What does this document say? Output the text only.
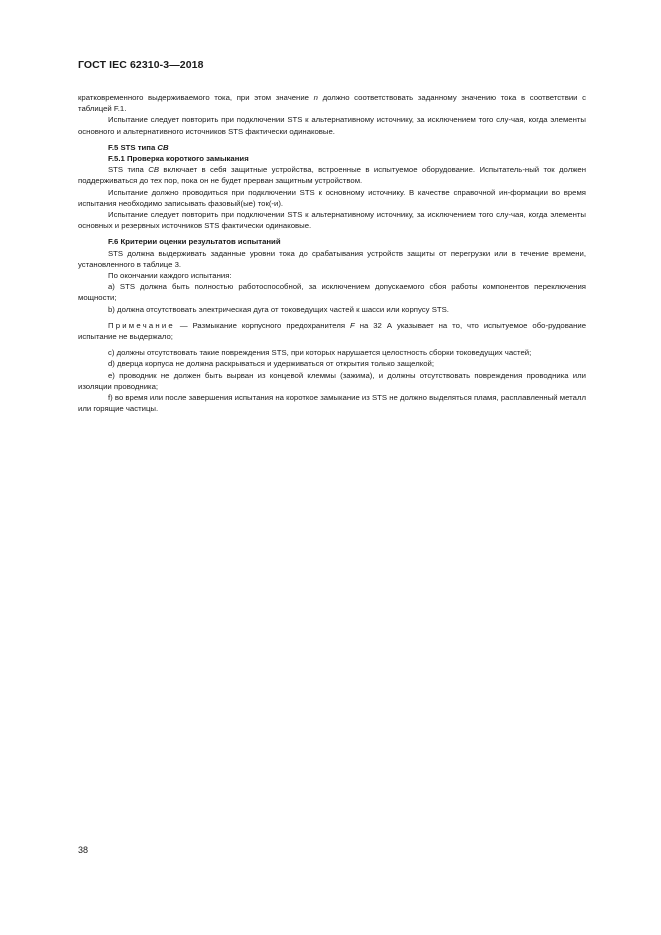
ГОСТ IEC 62310-3—2018

кратковременного выдерживаемого тока, при этом значение n должно соответствовать заданному значению тока в соответствии с таблицей F.1.

Испытание следует повторить при подключении STS к альтернативному источнику, за исключением того слу-чая, когда элементы основного и альтернативного источников STS фактически одинаковые.

F.5 STS типа CB

F.5.1 Проверка короткого замыкания

STS типа CB включает в себя защитные устройства, встроенные в испытуемое оборудование. Испытатель-ный ток должен поддерживаться до тех пор, пока он не будет прерван защитным устройством.

Испытание должно проводиться при подключении STS к основному источнику. В качестве справочной ин-формации во время испытания необходимо записывать фазовый(ые) ток(-и).

Испытание следует повторить при подключении STS к альтернативному источнику, за исключением того слу-чая, когда элементы основных и резервных источников STS фактически одинаковые.

F.6 Критерии оценки результатов испытаний

STS должна выдерживать заданные уровни тока до срабатывания устройств защиты от перегрузки или в течение времени, установленного в таблице 3.

По окончании каждого испытания:

a) STS должна быть полностью работоспособной, за исключением допускаемого сбоя работы компонентов переключения мощности;

b) должна отсутствовать электрическая дуга от токоведущих частей к шасси или корпусу STS.

Примечание — Размыкание корпусного предохранителя F на 32 А указывает на то, что испытуемое обо-рудование испытание не выдержало;

c) должны отсутствовать такие повреждения STS, при которых нарушается целостность сборки токоведущих частей;

d) дверца корпуса не должна раскрываться и удерживаться от открытия только защелкой;

e) проводник не должен быть вырван из концевой клеммы (зажима), и должны отсутствовать повреждения проводника или изоляции проводника;

f) во время или после завершения испытания на короткое замыкание из STS не должно выделяться пламя, расплавленный металл или горящие частицы.

38
